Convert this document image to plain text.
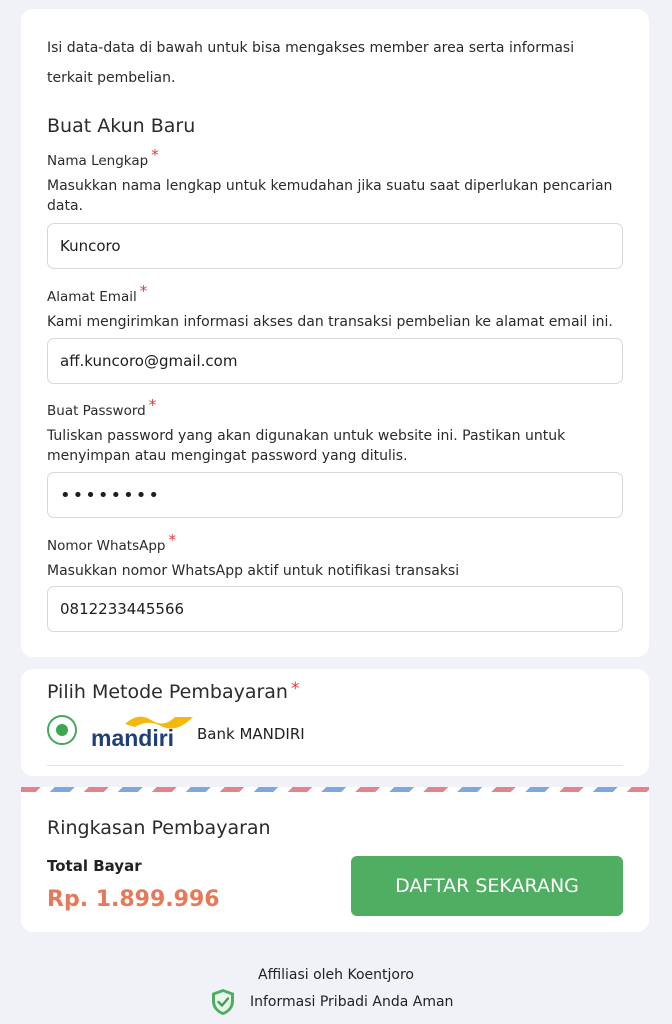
Isi data-data di bawah untuk bisa mengakses member area serta informasi terkait pembelian.

Buat Akun Baru
Nama Lengkap *
Masukkan nama lengkap untuk kemudahan jika suatu saat diperlukan pencarian data.
Kuncoro
Alamat Email *
Kami mengirimkan informasi akses dan transaksi pembelian ke alamat email ini.
aff.kuncoro@gmail.com
Buat Password *
Tuliskan password yang akan digunakan untuk website ini. Pastikan untuk menyimpan atau mengingat password yang ditulis.
Nomor WhatsApp *
Masukkan nomor WhatsApp aktif untuk notifikasi transaksi
0812233445566
Pilih Metode Pembayaran *
mandiri Bank MANDIRI
Ringkasan Pembayaran
Total Bayar
Rp. 1.899.996
DAFTAR SEKARANG
Affiliasi oleh Koentjoro
Informasi Pribadi Anda Aman
